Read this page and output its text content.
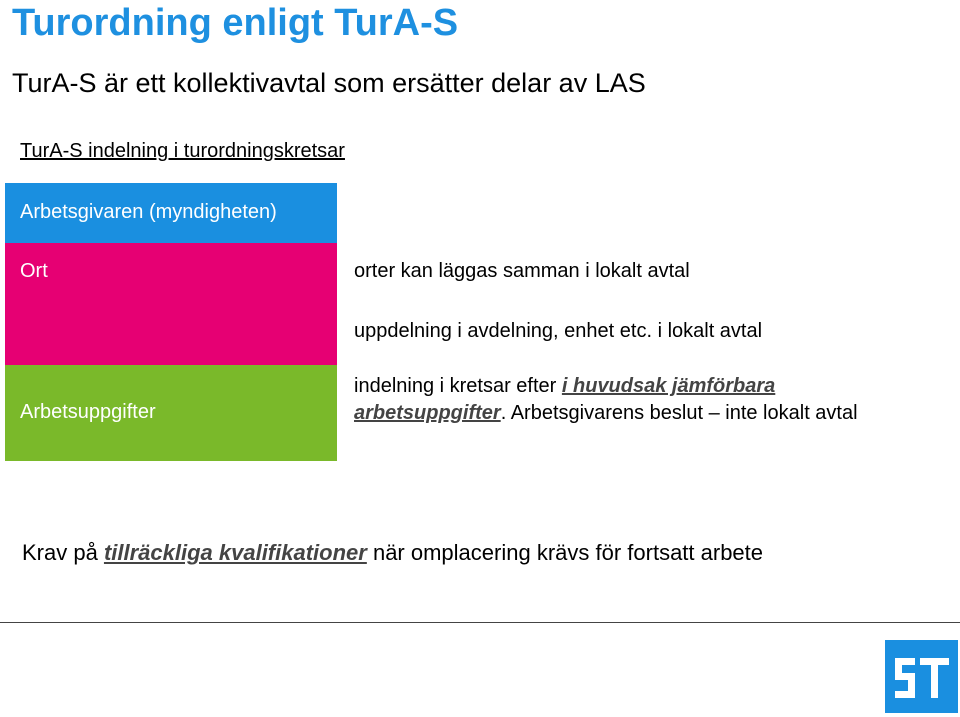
Turordning enligt TurA-S
TurA-S är ett kollektivavtal som ersätter delar av LAS
TurA-S indelning i turordningskretsar
Arbetsgivaren (myndigheten)
Ort
Arbetsuppgifter
orter kan läggas samman i lokalt avtal
uppdelning i avdelning, enhet etc. i lokalt avtal
indelning i kretsar efter i huvudsak jämförbara arbetsuppgifter. Arbetsgivarens beslut – inte lokalt avtal
Krav på tillräckliga kvalifikationer när omplacering krävs för fortsatt arbete
